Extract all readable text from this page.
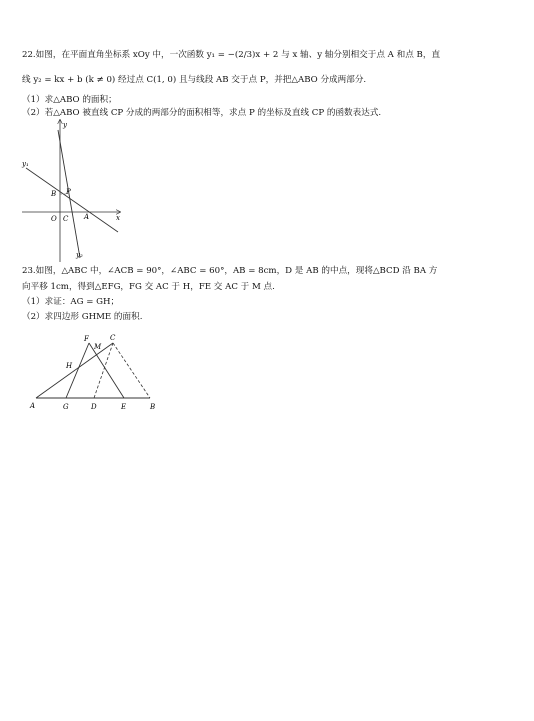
22.如图，在平面直角坐标系 xOy 中，一次函数 y₁ = −(2/3)x + 2 与 x 轴、y 轴分别相交于点 A 和点 B，直
线 y₂ = kx + b (k ≠ 0) 经过点 C(1, 0) 且与线段 AB 交于点 P，并把△ABO 分成两部分.
（1）求△ABO 的面积；
（2）若△ABO 被直线 CP 分成的两部分的面积相等，求点 P 的坐标及直线 CP 的函数表达式.
y
x
y₁
y₂
B P
O C A
F	C
M
H
A	G	D	E	B
23.如图，△ABC 中，∠ACB = 90°，∠ABC = 60°，AB = 8cm，D 是 AB 的中点，现将△BCD 沿 BA 方
向平移 1cm，得到△EFG，FG 交 AC 于 H，FE 交 AC 于 M 点.
（1）求证：AG = GH；
（2）求四边形 GHME 的面积.
